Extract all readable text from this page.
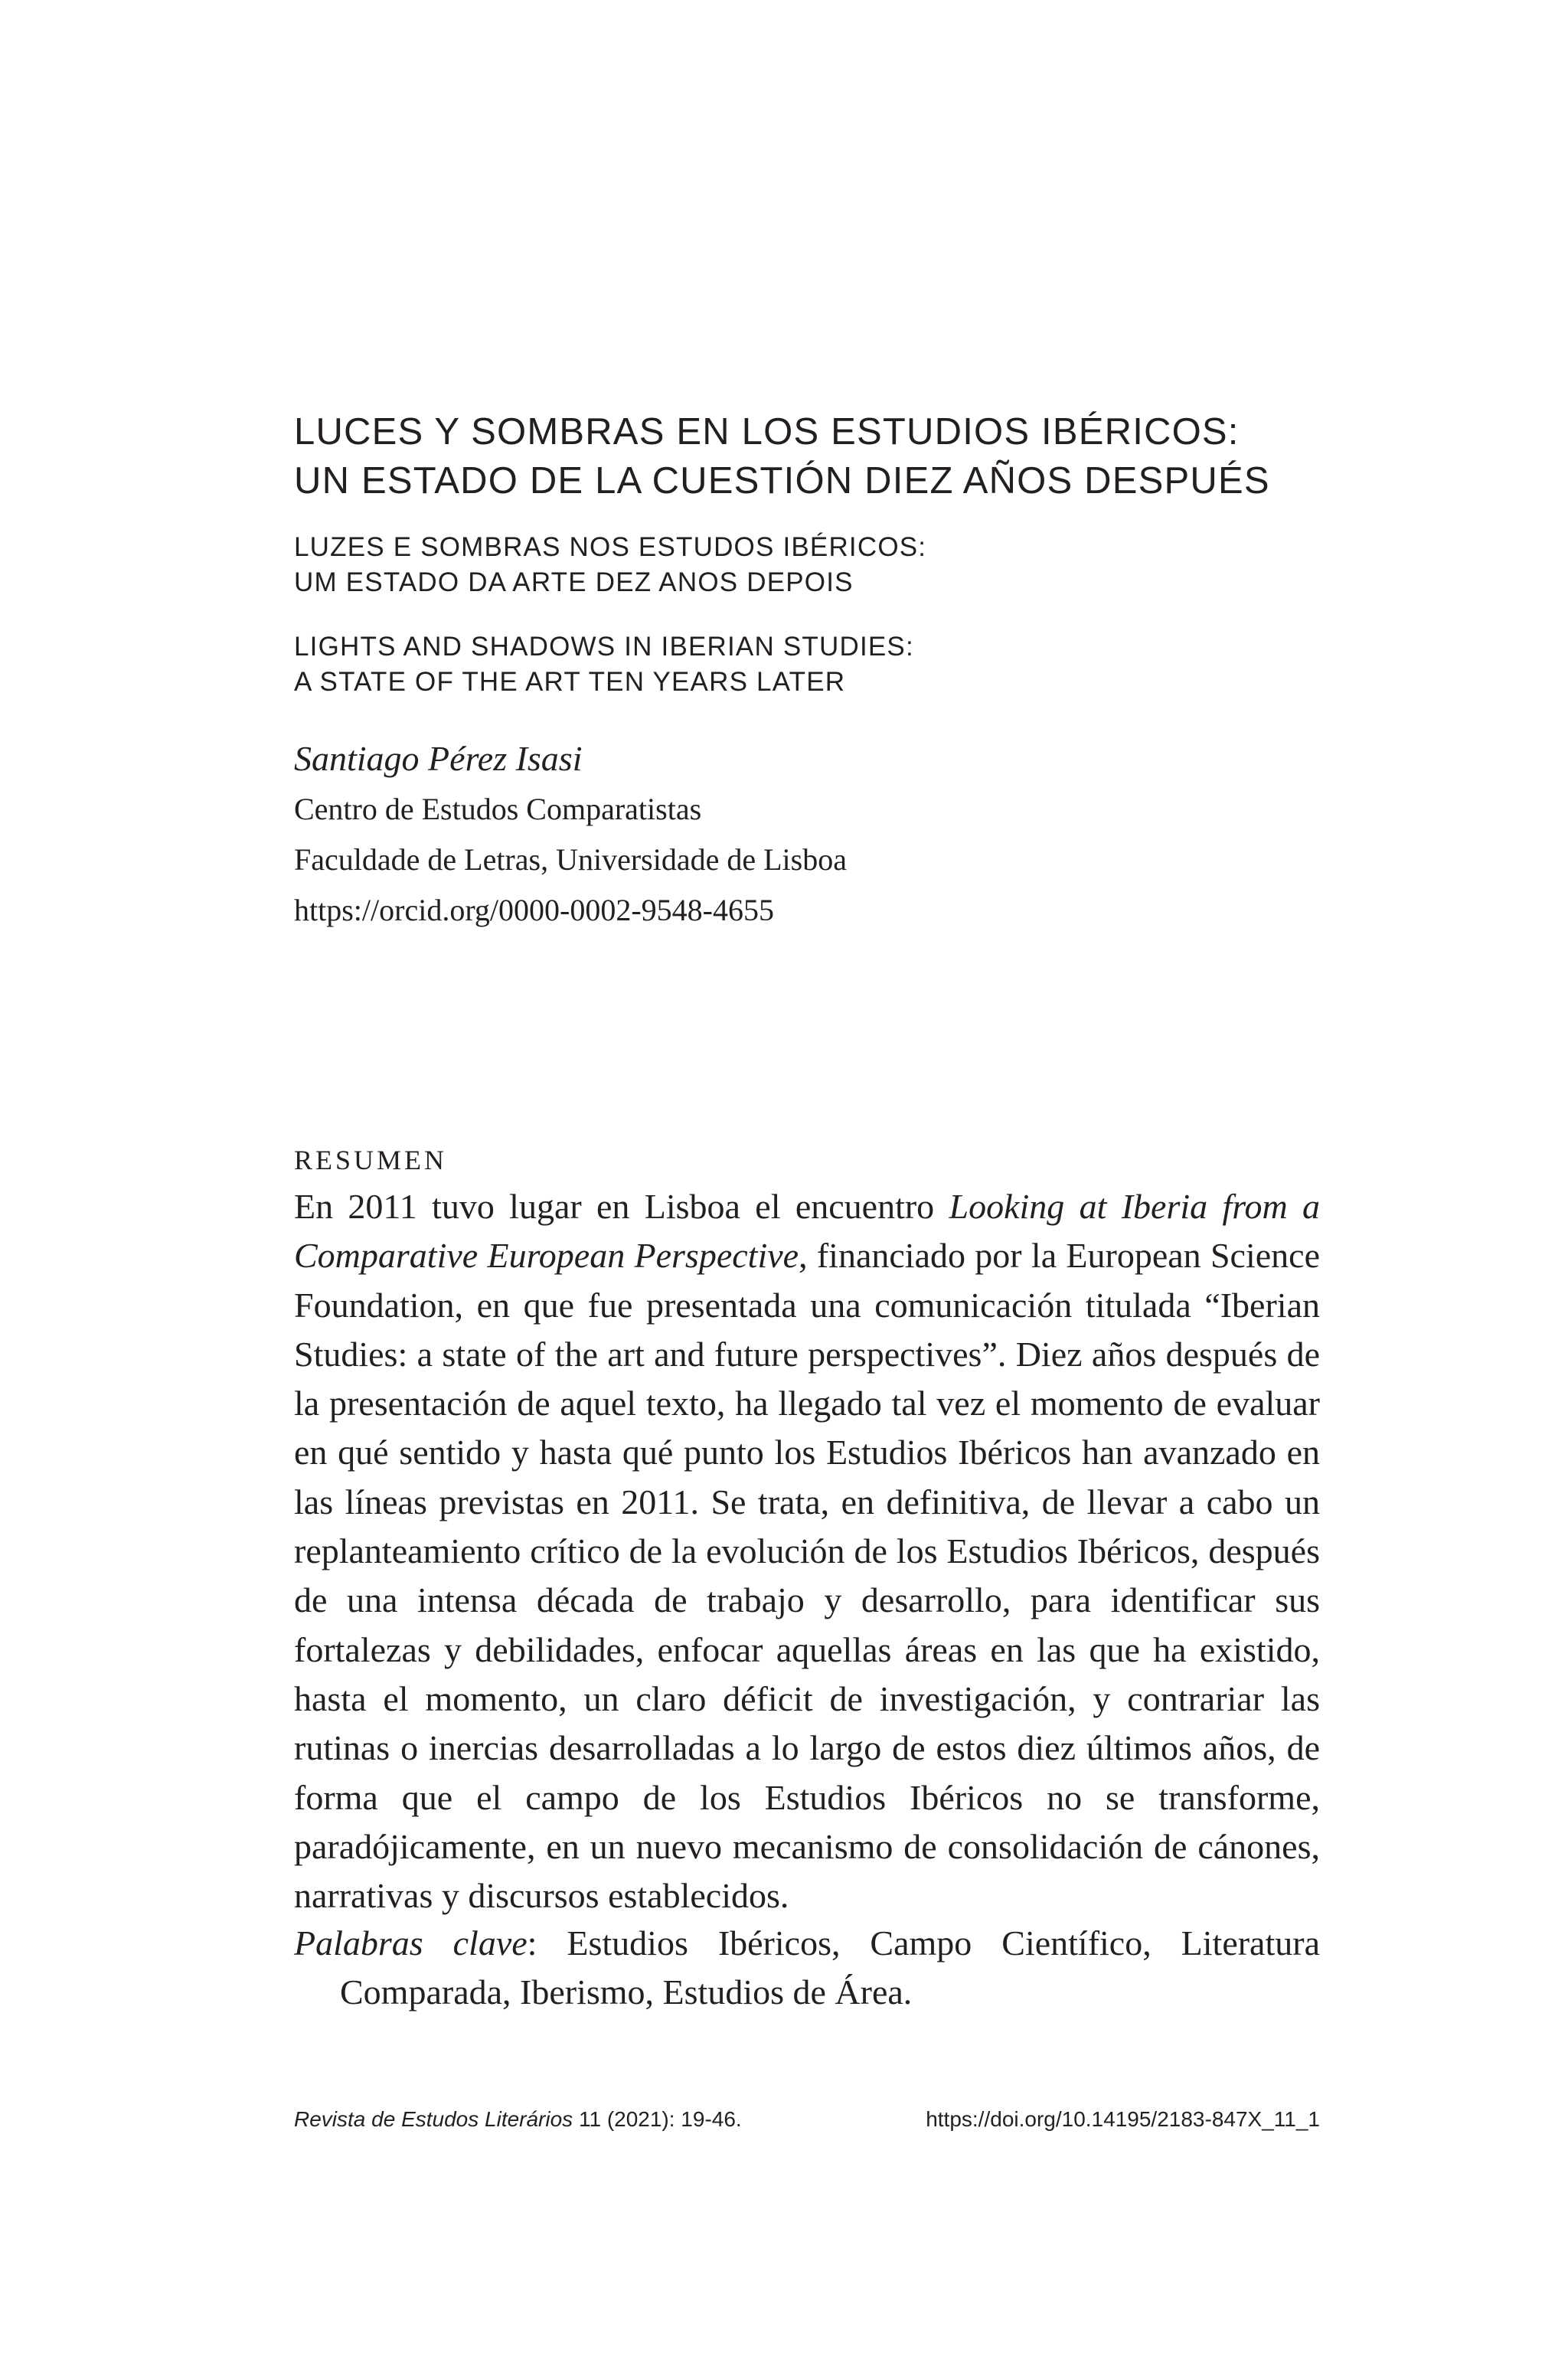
LUCES Y SOMBRAS EN LOS ESTUDIOS IBÉRICOS:
UN ESTADO DE LA CUESTIÓN DIEZ AÑOS DESPUÉS
LUZES E SOMBRAS NOS ESTUDOS IBÉRICOS:
UM ESTADO DA ARTE DEZ ANOS DEPOIS
LIGHTS AND SHADOWS IN IBERIAN STUDIES:
A STATE OF THE ART TEN YEARS LATER
Santiago Pérez Isasi
Centro de Estudos Comparatistas
Faculdade de Letras, Universidade de Lisboa
https://orcid.org/0000-0002-9548-4655
RESUMEN

En 2011 tuvo lugar en Lisboa el encuentro Looking at Iberia from a Comparative European Perspective, financiado por la European Science Foundation, en que fue presentada una comunicación titulada “Iberian Studies: a state of the art and future perspectives”. Diez años después de la presentación de aquel texto, ha llegado tal vez el momento de evaluar en qué sentido y hasta qué punto los Estudios Ibéricos han avanzado en las líneas previstas en 2011. Se trata, en definitiva, de llevar a cabo un replanteamiento crítico de la evolución de los Estudios Ibéricos, después de una intensa década de trabajo y desarrollo, para identificar sus fortalezas y debilidades, enfocar aquellas áreas en las que ha existido, hasta el momento, un claro déficit de investigación, y contrariar las rutinas o inercias desarrolladas a lo largo de estos diez últimos años, de forma que el campo de los Estudios Ibéricos no se transforme, paradójicamente, en un nuevo mecanismo de consolidación de cánones, narrativas y discursos establecidos.

Palabras clave: Estudios Ibéricos, Campo Científico, Literatura Comparada, Iberismo, Estudios de Área.
Revista de Estudos Literários 11 (2021): 19-46.	https://doi.org/10.14195/2183-847X_11_1
